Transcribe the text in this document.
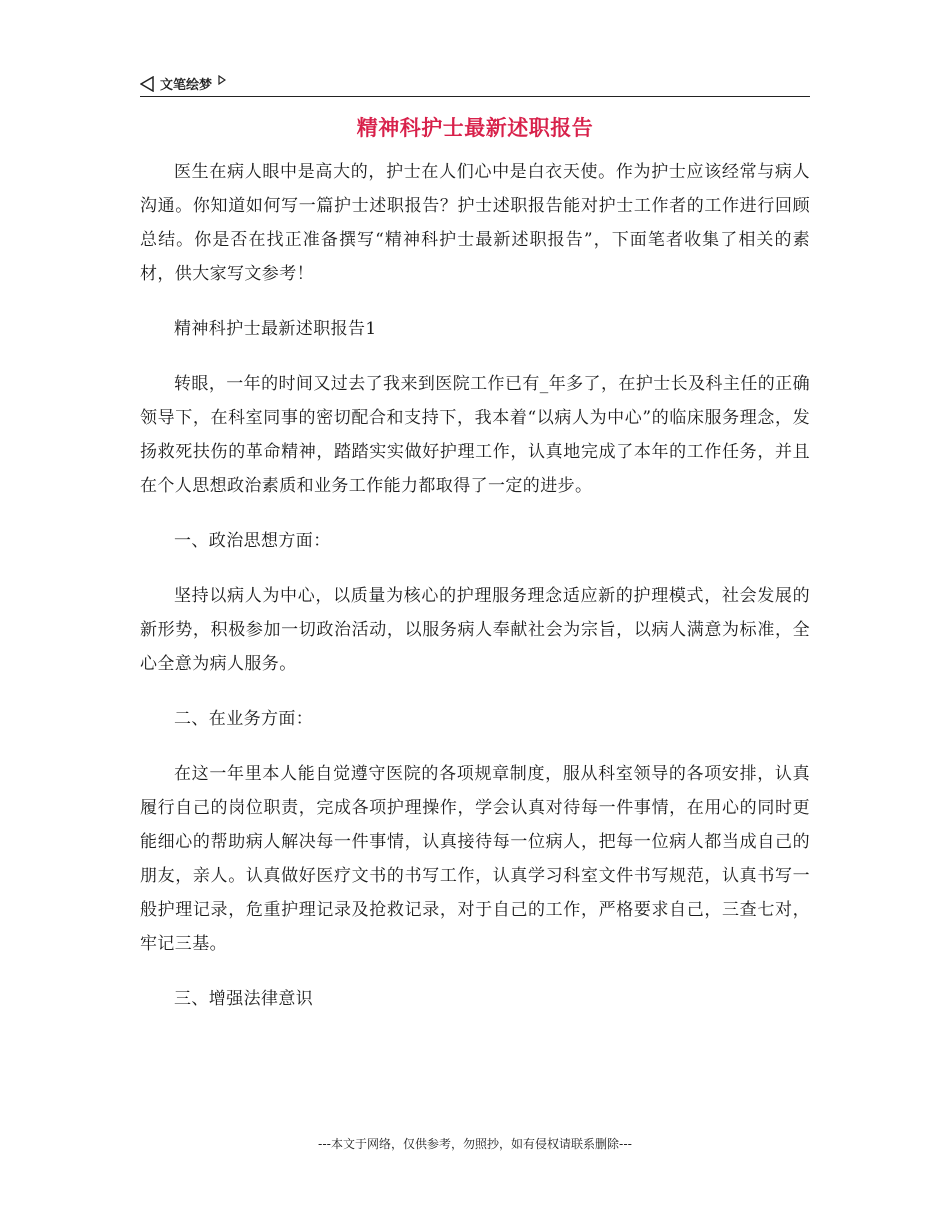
文笔绘梦
精神科护士最新述职报告

医生在病人眼中是高大的，护士在人们心中是白衣天使。作为护士应该经常与病人沟通。你知道如何写一篇护士述职报告？护士述职报告能对护士工作者的工作进行回顾总结。你是否在找正准备撰写“精神科护士最新述职报告”，下面笔者收集了相关的素材，供大家写文参考！

精神科护士最新述职报告1

转眼，一年的时间又过去了我来到医院工作已有_年多了，在护士长及科主任的正确领导下，在科室同事的密切配合和支持下，我本着“以病人为中心”的临床服务理念，发扬救死扶伤的革命精神，踏踏实实做好护理工作，认真地完成了本年的工作任务，并且在个人思想政治素质和业务工作能力都取得了一定的进步。

一、政治思想方面：

坚持以病人为中心，以质量为核心的护理服务理念适应新的护理模式，社会发展的新形势，积极参加一切政治活动，以服务病人奉献社会为宗旨，以病人满意为标准，全心全意为病人服务。

二、在业务方面：

在这一年里本人能自觉遵守医院的各项规章制度，服从科室领导的各项安排，认真履行自己的岗位职责，完成各项护理操作，学会认真对待每一件事情，在用心的同时更能细心的帮助病人解决每一件事情，认真接待每一位病人，把每一位病人都当成自己的朋友，亲人。认真做好医疗文书的书写工作，认真学习科室文件书写规范，认真书写一般护理记录，危重护理记录及抢救记录，对于自己的工作，严格要求自己，三查七对，牢记三基。

三、增强法律意识

---本文于网络，仅供参考，勿照抄，如有侵权请联系删除---
